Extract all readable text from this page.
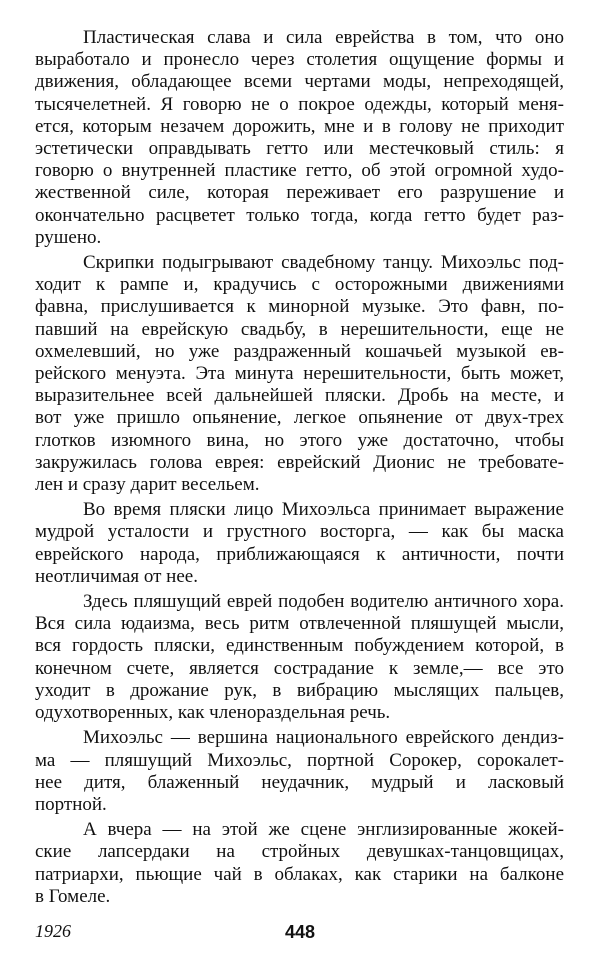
Пластическая слава и сила еврейства в том, что оно
выработало и пронесло через столетия ощущение формы и
движения, обладающее всеми чертами моды, непреходящей,
тысячелетней. Я говорю не о покрое одежды, который меня-
ется, которым незачем дорожить, мне и в голову не приходит
эстетически оправдывать гетто или местечковый стиль: я
говорю о внутренней пластике гетто, об этой огромной худо-
жественной силе, которая переживает его разрушение и
окончательно расцветет только тогда, когда гетто будет раз-
рушено.

Скрипки подыгрывают свадебному танцу. Михоэльс под-
ходит к рампе и, крадучись с осторожными движениями
фавна, прислушивается к минорной музыке. Это фавн, по-
павший на еврейскую свадьбу, в нерешительности, еще не
охмелевший, но уже раздраженный кошачьей музыкой ев-
рейского менуэта. Эта минута нерешительности, быть может,
выразительнее всей дальнейшей пляски. Дробь на месте, и
вот уже пришло опьянение, легкое опьянение от двух-трех
глотков изюмного вина, но этого уже достаточно, чтобы
закружилась голова еврея: еврейский Дионис не требовате-
лен и сразу дарит весельем.

Во время пляски лицо Михоэльса принимает выражение
мудрой усталости и грустного восторга, — как бы маска
еврейского народа, приближающаяся к античности, почти
неотличимая от нее.

Здесь пляшущий еврей подобен водителю античного хора.
Вся сила юдаизма, весь ритм отвлеченной пляшущей мысли,
вся гордость пляски, единственным побуждением которой, в
конечном счете, является сострадание к земле,— все это
уходит в дрожание рук, в вибрацию мыслящих пальцев,
одухотворенных, как членораздельная речь.

Михоэльс — вершина национального еврейского дендиз-
ма — пляшущий Михоэльс, портной Сорокер, сорокалет-
нее дитя, блаженный неудачник, мудрый и ласковый
портной.

А вчера — на этой же сцене энглизированные жокей-
ские лапсердаки на стройных девушках-танцовщицах,
патриархи, пьющие чай в облаках, как старики на балконе
в Гомеле.

1926	448
